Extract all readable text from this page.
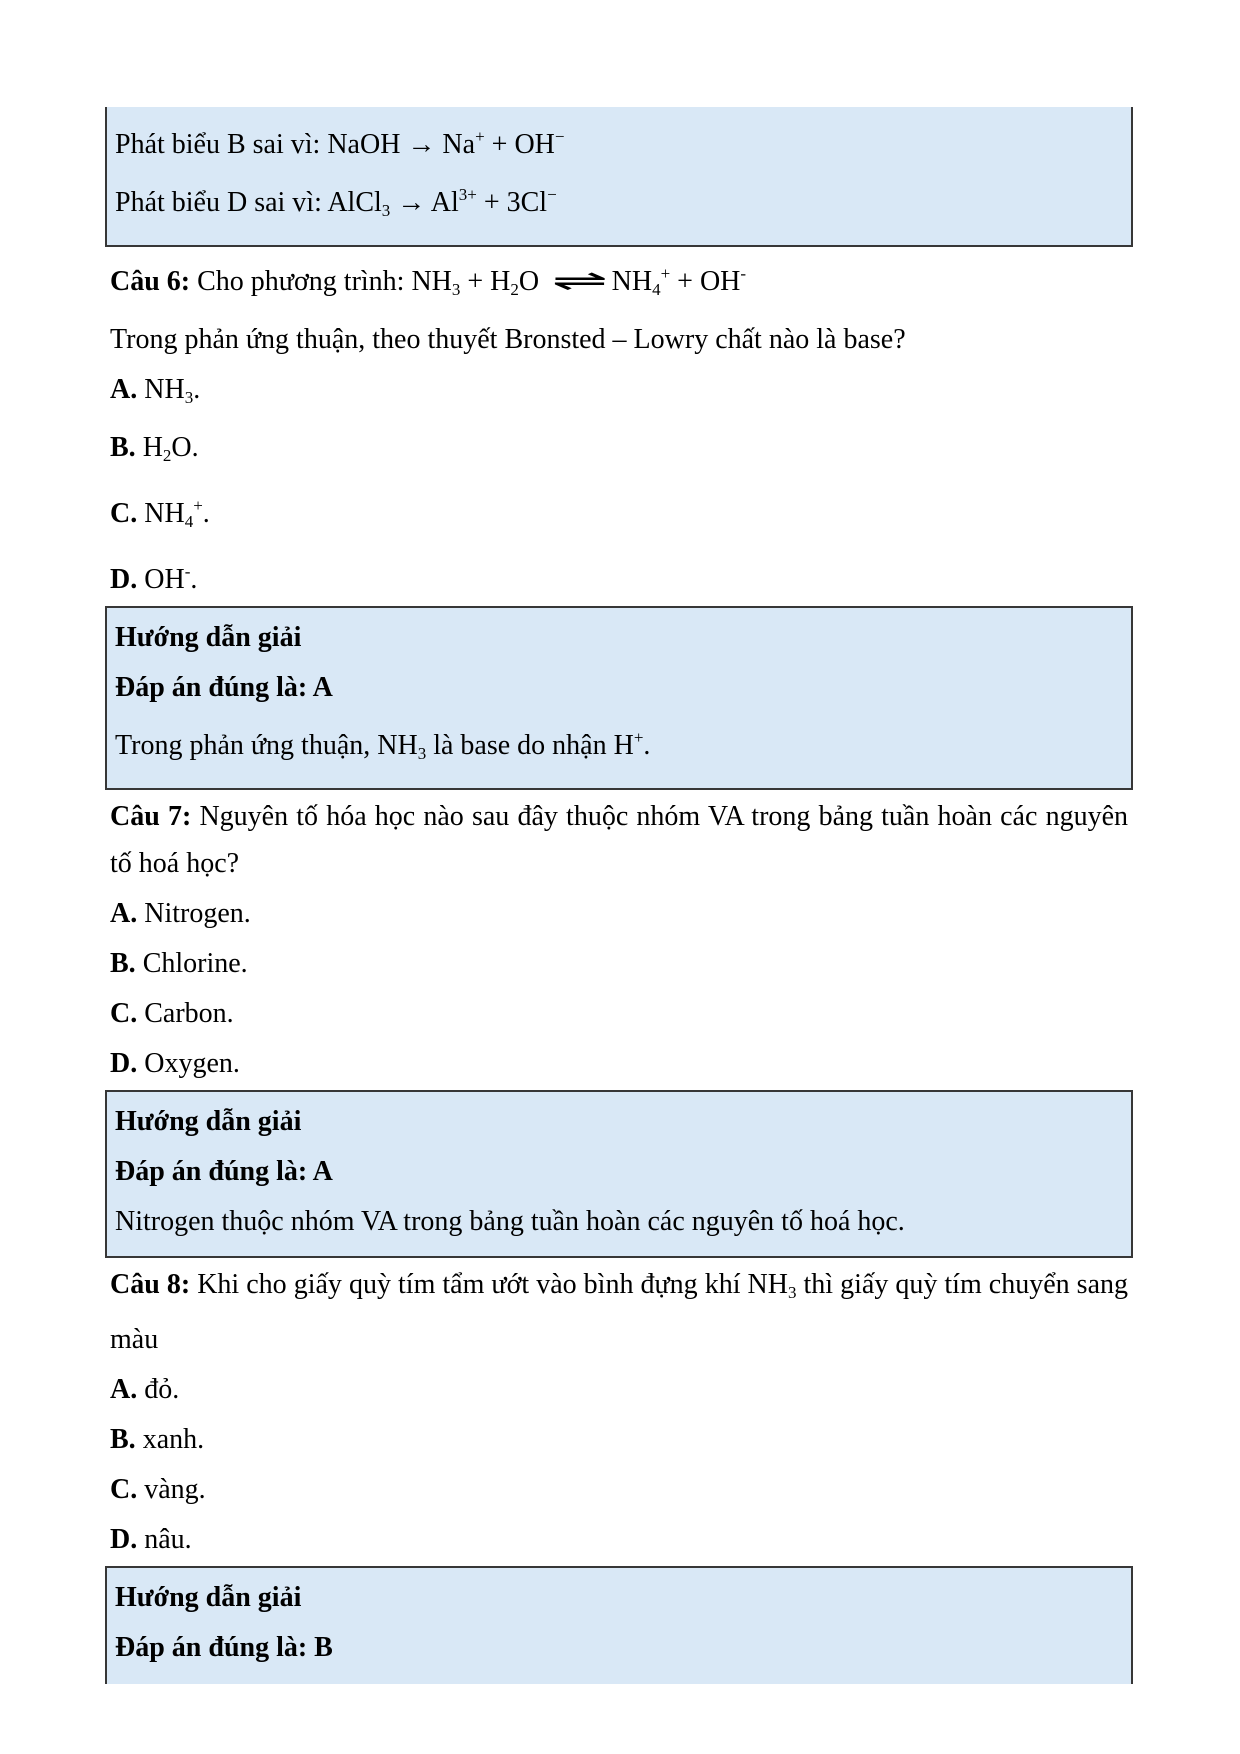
Phát biểu B sai vì: NaOH → Na+ + OH−

Phát biểu D sai vì: AlCl$_3$ → $Al^{3+} + 3Cl^-$

Câu 6: Cho phương trình: $NH_3 + H_2O$ ⇌ $NH_4^+ + OH^-$

Trong phản ứng thuận, theo thuyết Bronsted – Lowry chất nào là base?

A. $NH_3$.

B. $H_2O$.

C. $NH_4^+$.

D. OH-.

Hướng dẫn giải

Đáp án đúng là: A

Trong phản ứng thuận, $NH_3$ là base do nhận H+.

Câu 7: Nguyên tố hóa học nào sau đây thuộc nhóm VA trong bảng tuần hoàn các nguyên tố hoá học?

A. Nitrogen.

B. Chlorine.

C. Carbon.

D. Oxygen.

Hướng dẫn giải

Đáp án đúng là: A

Nitrogen thuộc nhóm VA trong bảng tuần hoàn các nguyên tố hoá học.

Câu 8: Khi cho giấy quỳ tím tẩm ướt vào bình đựng khí $NH_3$ thì giấy quỳ tím chuyển sang màu

A. đỏ.

B. xanh.

C. vàng.

D. nâu.

Hướng dẫn giải

Đáp án đúng là: B
